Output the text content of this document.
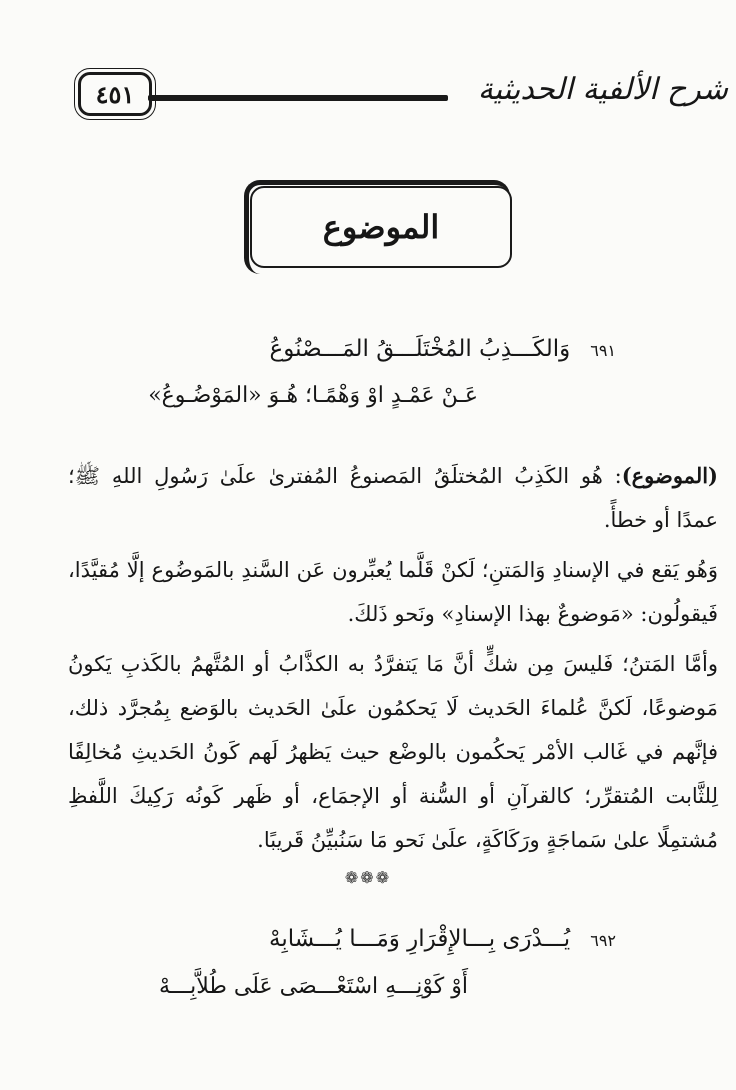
٤٥١	شرح الألفية الحديثية
الموضوع
٦٩١وَالكَـــذِبُ المُخْتَلَـــقُ المَـــصْنُوعُ
عَـنْ عَمْـدٍ اوْ وَهْمًـا؛ هُـوَ «المَوْضُـوعُ»
(الموضوع): هُو الكَذِبُ المُختلَقُ المَصنوعُ المُفترىٰ علَىٰ رَسُولِ اللهِ ﷺ؛ عمدًا أو خطأً.
وَهُو يَقع في الإسنادِ وَالمَتنِ؛ لَكنْ قَلَّما يُعبِّرون عَن السَّندِ بالمَوضُوع إلَّا مُقيَّدًا، فَيقولُون: «مَوضوعٌ بهذا الإسنادِ» ونَحو ذَلكَ.
وأمَّا المَتنُ؛ فَليسَ مِن شكٍّ أنَّ مَا يَتفرَّدُ به الكذَّابُ أو المُتَّهمُ بالكَذبِ يَكونُ مَوضوعًا، لَكنَّ عُلماءَ الحَديث لَا يَحكمُون علَىٰ الحَديث بالوَضع بِمُجرَّد ذلك، فإنَّهم في غَالب الأمْر يَحكُمون بالوضْع حيث يَظهرُ لَهم كَونُ الحَديثِ مُخالِفًا لِلثَّابت المُتقرِّر؛ كالقرآنِ أو السُّنة أو الإجمَاع، أو ظَهر كَونُه رَكِيكَ اللَّفظِ مُشتمِلًا علىٰ سَماجَةٍ ورَكَاكَةٍ، علَىٰ نَحو مَا سَنُبيِّنُ قَريبًا.
❁❁❁
٦٩٢يُـــدْرَى بِـــالإِقْرَارِ وَمَـــا يُـــشَابِهْ
أَوْ كَوْنِـــهِ اسْتَعْـــصَى عَلَى طُلاَّبِـــهْ
